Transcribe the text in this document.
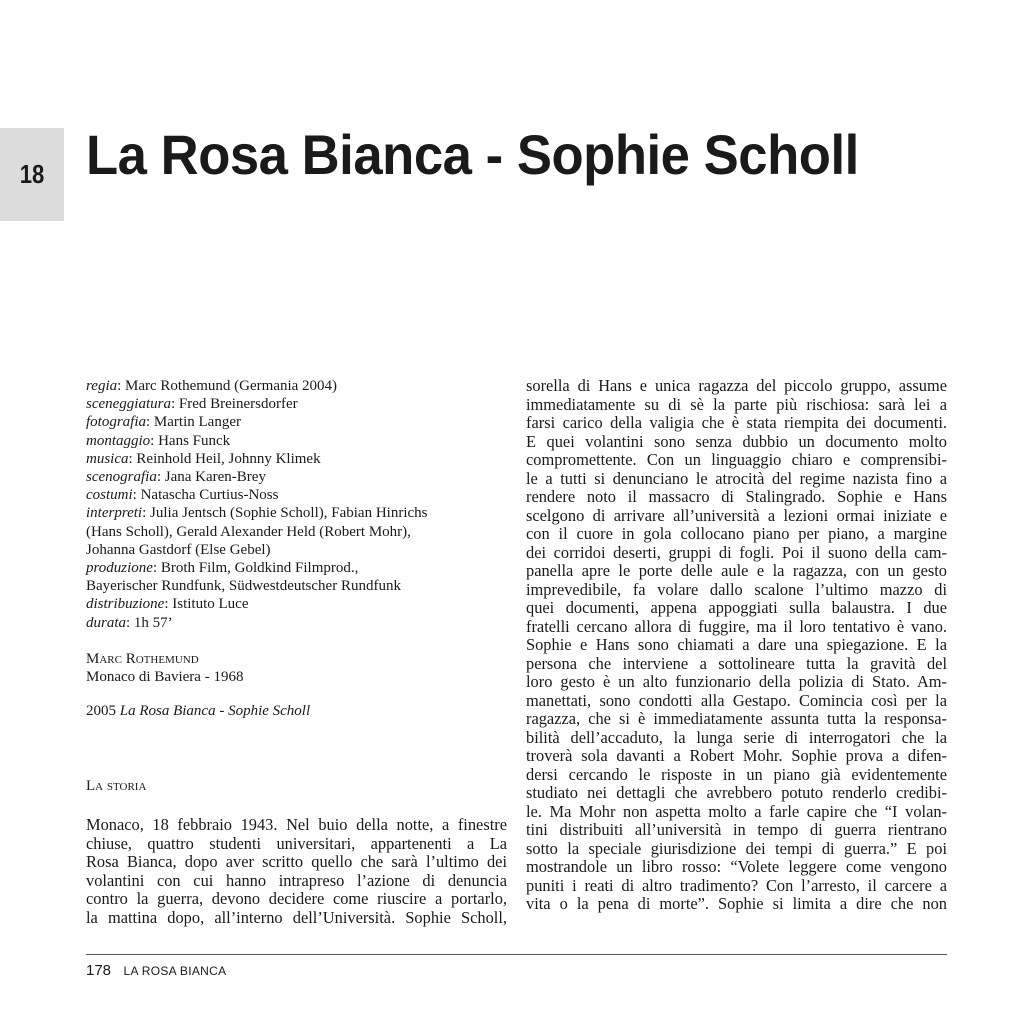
18 La Rosa Bianca - Sophie Scholl
regia: Marc Rothemund (Germania 2004)
sceneggiatura: Fred Breinersdorfer
fotografia: Martin Langer
montaggio: Hans Funck
musica: Reinhold Heil, Johnny Klimek
scenografia: Jana Karen-Brey
costumi: Natascha Curtius-Noss
interpreti: Julia Jentsch (Sophie Scholl), Fabian Hinrichs
(Hans Scholl), Gerald Alexander Held (Robert Mohr),
Johanna Gastdorf (Else Gebel)
produzione: Broth Film, Goldkind Filmprod.,
Bayerischer Rundfunk, Südwestdeutscher Rundfunk
distribuzione: Istituto Luce
durata: 1h 57’
Marc Rothemund
Monaco di Baviera - 1968
2005 La Rosa Bianca - Sophie Scholl
La storia
Monaco, 18 febbraio 1943. Nel buio della notte, a finestre
chiuse, quattro studenti universitari, appartenenti a La
Rosa Bianca, dopo aver scritto quello che sarà l’ultimo dei
volantini con cui hanno intrapreso l’azione di denuncia
contro la guerra, devono decidere come riuscire a portarlo,
la mattina dopo, all’interno dell’Università. Sophie Scholl,
sorella di Hans e unica ragazza del piccolo gruppo, assume
immediatamente su di sè la parte più rischiosa: sarà lei a
farsi carico della valigia che è stata riempita dei documenti.
E quei volantini sono senza dubbio un documento molto
compromettente. Con un linguaggio chiaro e comprensibi-
le a tutti si denunciano le atrocità del regime nazista fino a
rendere noto il massacro di Stalingrado. Sophie e Hans
scelgono di arrivare all’università a lezioni ormai iniziate e
con il cuore in gola collocano piano per piano, a margine
dei corridoi deserti, gruppi di fogli. Poi il suono della cam-
panella apre le porte delle aule e la ragazza, con un gesto
imprevedibile, fa volare dallo scalone l’ultimo mazzo di
quei documenti, appena appoggiati sulla balaustra. I due
fratelli cercano allora di fuggire, ma il loro tentativo è vano.
Sophie e Hans sono chiamati a dare una spiegazione. E la
persona che interviene a sottolineare tutta la gravità del
loro gesto è un alto funzionario della polizia di Stato. Am-
manettati, sono condotti alla Gestapo. Comincia così per la
ragazza, che si è immediatamente assunta tutta la responsa-
bilità dell’accaduto, la lunga serie di interrogatori che la
troverà sola davanti a Robert Mohr. Sophie prova a difen-
dersi cercando le risposte in un piano già evidentemente
studiato nei dettagli che avrebbero potuto renderlo credibi-
le. Ma Mohr non aspetta molto a farle capire che “I volan-
tini distribuiti all’università in tempo di guerra rientrano
sotto la speciale giurisdizione dei tempi di guerra.” E poi
mostrandole un libro rosso: “Volete leggere come vengono
puniti i reati di altro tradimento? Con l’arresto, il carcere a
vita o la pena di morte”. Sophie si limita a dire che non
178 LA ROSA BIANCA
